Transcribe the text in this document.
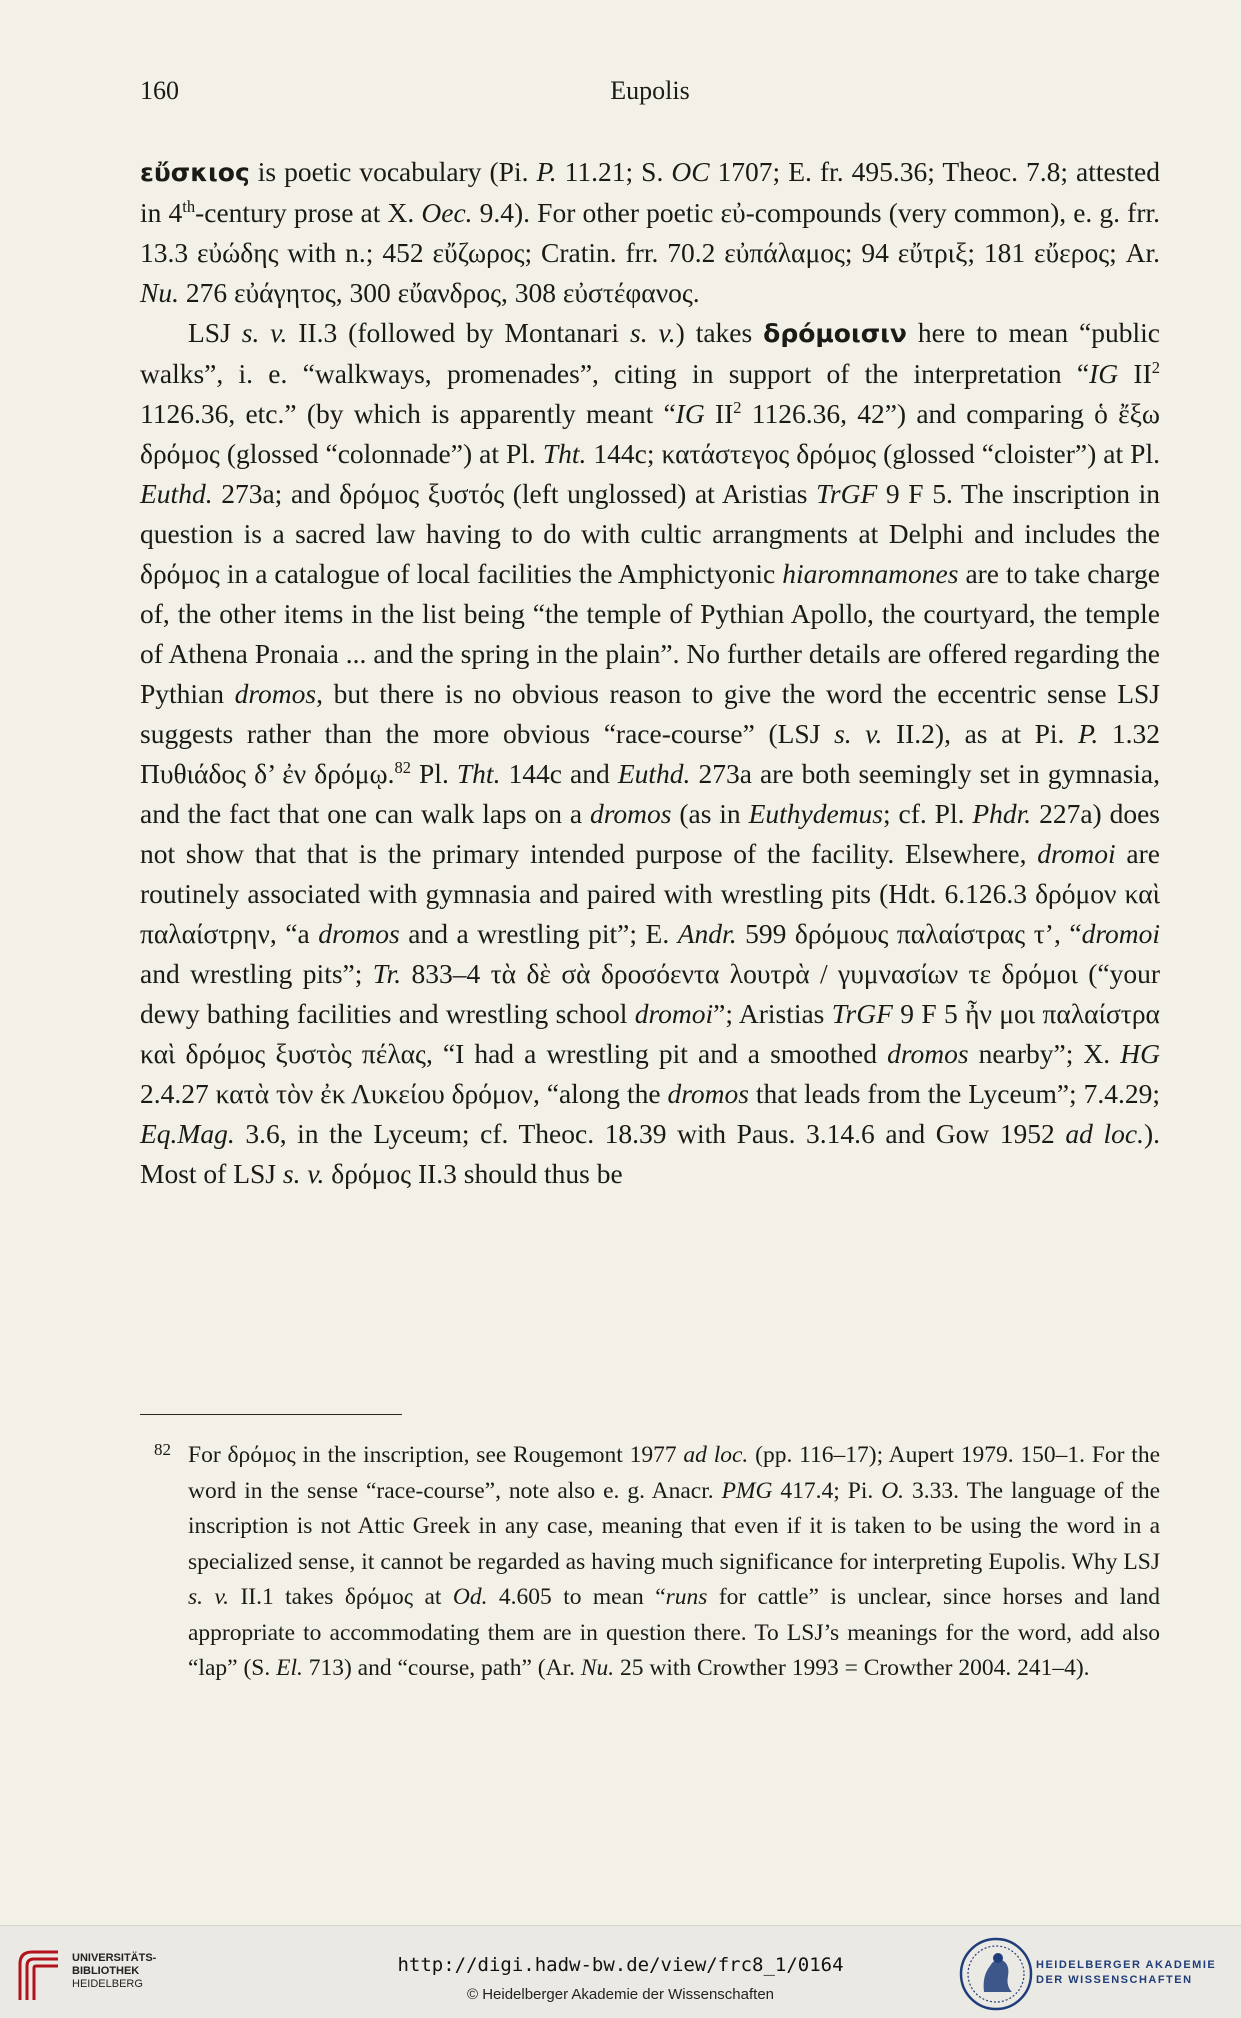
160	Eupolis

εὔσκιος is poetic vocabulary (Pi. P. 11.21; S. OC 1707; E. fr. 495.36; Theoc. 7.8; attested in 4th-century prose at X. Oec. 9.4). For other poetic εὐ-compounds (very common), e. g. frr. 13.3 εὐώδης with n.; 452 εὔζωρος; Cratin. frr. 70.2 εὐπάλαμος; 94 εὔτριξ; 181 εὔερος; Ar. Nu. 276 εὐάγητος, 300 εὔανδρος, 308 εὐστέφανος.

LSJ s. v. II.3 (followed by Montanari s. v.) takes δρόμοισιν here to mean “public walks”, i. e. “walkways, promenades”, citing in support of the interpretation “IG $II^2$ 1126.36, etc.” (by which is apparently meant “IG $II^2$ 1126.36, 42”) and comparing ὁ ἔξω δρόμος (glossed “colonnade”) at Pl. Tht. 144c; κατάστεγος δρόμος (glossed “cloister”) at Pl. Euthd. 273a; and δρόμος ξυστός (left unglossed) at Aristias TrGF 9 F 5. The inscription in question is a sacred law having to do with cultic arrangments at Delphi and includes the δρόμος in a catalogue of local facilities the Amphictyonic hiaromnamones are to take charge of, the other items in the list being “the temple of Pythian Apollo, the courtyard, the temple of Athena Pronaia ... and the spring in the plain”. No further details are offered regarding the Pythian dromos, but there is no obvious reason to give the word the eccentric sense LSJ suggests rather than the more obvious “race-course” (LSJ s. v. II.2), as at Pi. P. 1.32 Πυθιάδος δ’ ἐν δρόμῳ.$^{82}$ Pl. Tht. 144c and Euthd. 273a are both seemingly set in gymnasia, and the fact that one can walk laps on a dromos (as in Euthydemus; cf. Pl. Phdr. 227a) does not show that that is the primary intended purpose of the facility. Elsewhere, dromoi are routinely associated with gymnasia and paired with wrestling pits (Hdt. 6.126.3 δρόμον καὶ παλαίστρην, “a dromos and a wrestling pit”; E. Andr. 599 δρόμους παλαίστρας τ’, “dromoi and wrestling pits”; Tr. 833–4 τὰ δὲ σὰ δροσόεντα λουτρὰ / γυμνασίων τε δρόμοι (“your dewy bathing facilities and wrestling school dromoi”; Aristias TrGF 9 F 5 ἦν μοι παλαίστρα καὶ δρόμος ξυστὸς πέλας, “I had a wrestling pit and a smoothed dromos nearby”; X. HG 2.4.27 κατὰ τὸν ἐκ Λυκείου δρόμον, “along the dromos that leads from the Lyceum”; 7.4.29; Eq.Mag. 3.6, in the Lyceum; cf. Theoc. 18.39 with Paus. 3.14.6 and Gow 1952 ad loc.). Most of LSJ s. v. δρόμος II.3 should thus be

82 For δρόμος in the inscription, see Rougemont 1977 ad loc. (pp. 116–17); Aupert 1979. 150–1. For the word in the sense “race-course”, note also e. g. Anacr. PMG 417.4; Pi. O. 3.33. The language of the inscription is not Attic Greek in any case, meaning that even if it is taken to be using the word in a specialized sense, it cannot be regarded as having much significance for interpreting Eupolis. Why LSJ s. v. II.1 takes δρόμος at Od. 4.605 to mean “runs for cattle” is unclear, since horses and land appropriate to accommodating them are in question there. To LSJ’s meanings for the word, add also “lap” (S. El. 713) and “course, path” (Ar. Nu. 25 with Crowther 1993 = Crowther 2004. 241–4).
UNIVERSITÄTS-
BIBLIOTHEK
HEIDELBERG
http://digi.hadw-bw.de/view/frc8_1/0164
© Heidelberger Akademie der Wissenschaften
HEIDELBERGER AKADEMIE
DER WISSENSCHAFTEN
